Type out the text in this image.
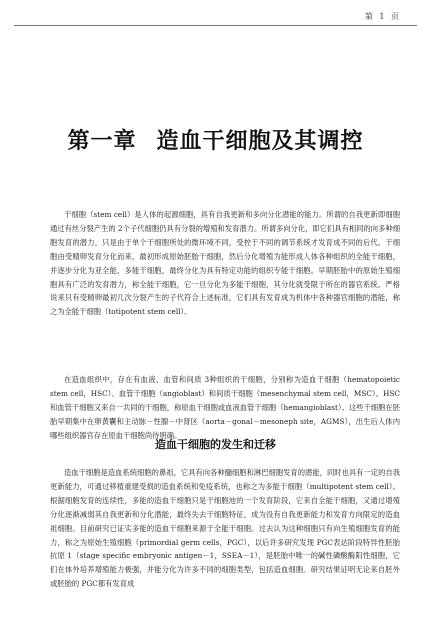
第 1 页
第一章 造血干细胞及其调控

干细胞（stem cell）是人体的起源细胞，具有自我更新和多向分化潜能的能力。所谓的自我更新即细胞通过有丝分裂产生的 2个子代细胞仍具有分裂的增殖和发育潜力。所谓多向分化，即它们具有相同的向多种细胞发育的潜力，只是由于单个干细胞所处的微环境不同，受控于不同的调节系统才发育成不同的后代。干细胞由受精卵发育分化而来，最初形成原始胚胎干细胞，然后分化增殖为能形成人体各种组织的全能干细胞，并逐步分化为亚全能、多能干细胞，最终分化为具有特定功能的组织专能干细胞。早期胚胎中的原始生殖细胞具有广泛的发育潜力，称全能干细胞，它一旦分化为多能干细胞，其分化就受限于所在的器官系统。严格说来只有受精卵最初几次分裂产生的子代符合上述标准，它们具有发育成为机体中各种器官细胞的潜能，称之为全能干细胞（totipotent stem cell）。

在造血组织中，存在有血液、血管和间质 3种组织的干细胞，分别称为造血干细胞（hematopoietic stem cell，HSC）、血管干细胞（angioblast）和间质干细胞（mesenchymal stem cell，MSC）。HSC和血管干细胞又来自一共同的干细胞，称原血干细胞或血液血管干细胞（hemangioblast）。这些干细胞在胚胎早期集中在卵黄囊和主动脉－性腺－中肾区（aorta－gonal－mesoneph site，AGMS），出生后人体内哪些组织器官存在原血干细胞尚待明确。

造血干细胞的发生和迁移

造血干细胞是造血系统细胞的鼻祖，它具有向各种髓细胞和淋巴细胞发育的潜能，同时也具有一定的自我更新能力，可通过移植重建受损的造血系统和免疫系统，也称之为多能干细胞（multipotent stem cell）。根据细胞发育的连续性，多能的造血干细胞只是干细胞池的一个发育阶段，它来自全能干细胞，又通过增殖分化逐渐减弱其自我更新和分化潜能，最终失去干细胞特征，成为没有自我更新能力和发育方向限定的造血祖细胞。目前研究已证实多能的造血干细胞来源于全能干细胞。过去认为这种细胞只有向生殖细胞发育的能力，称之为原始生殖细胞（primordial germ cells，PGC），以后许多研究发现 PGC表达阶段特异性胚胎抗原 1（stage specific embryonic antigen－1，SSEA－1），是胚胎中唯一的碱性磷酸酶阳性细胞，它们在体外培养增殖能力极强，并能分化为许多不同的细胞类型，包括造血细胞。研究结果证明无论来自胚外或胚胎的 PGC都有发育成
